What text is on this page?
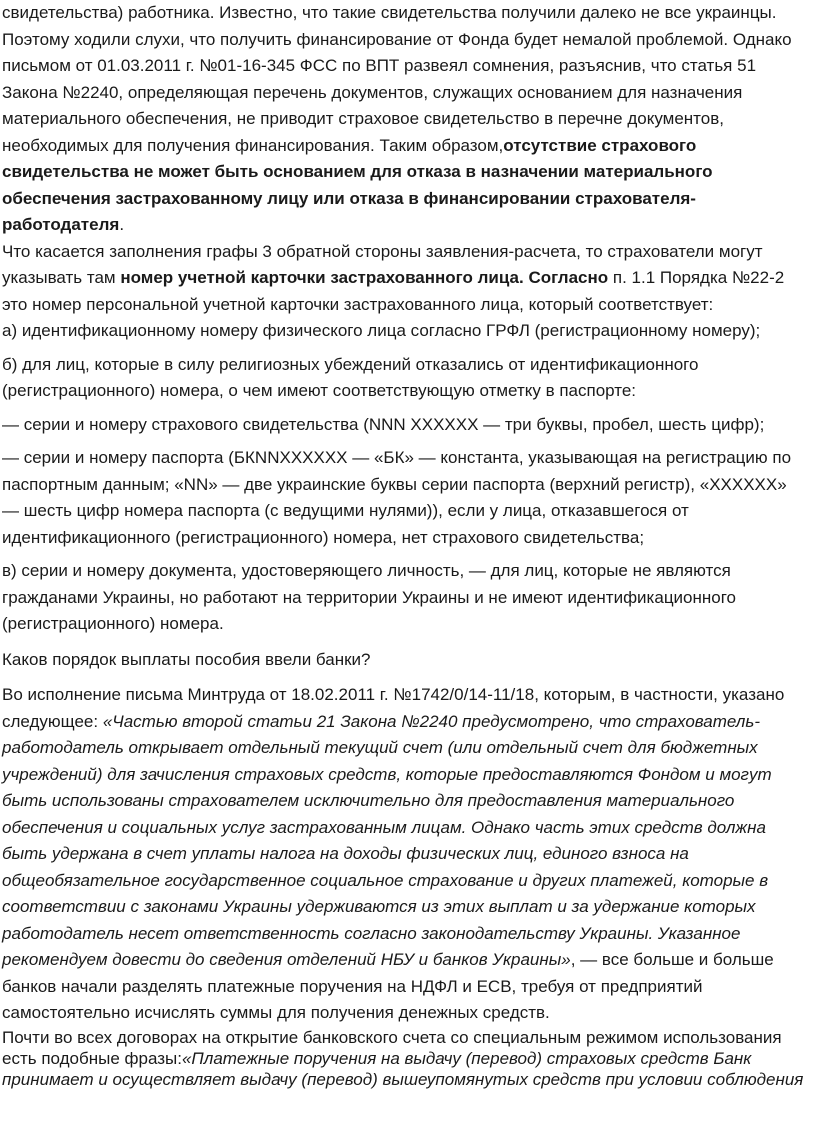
свидетельства) работника. Известно, что такие свидетельства получили далеко не все украинцы.

Поэтому ходили слухи, что получить финансирование от Фонда будет немалой проблемой. Однако

письмом от 01.03.2011 г. №01-16-345 ФСС по ВПТ развеял сомнения, разъяснив, что статья 51

Закона №2240, определяющая перечень документов, служащих основанием для назначения

материального обеспечения, не приводит страховое свидетельство в перечне документов,

необходимых для получения финансирования. Таким образом,отсутствие страхового

свидетельства не может быть основанием для отказа в назначении материального

обеспечения застрахованному лицу или отказа в финансировании страхователя-

работодателя.

Что касается заполнения графы 3 обратной стороны заявления-расчета, то страхователи могут

указывать там номер учетной карточки застрахованного лица. Согласно п. 1.1 Порядка №22-2

это номер персональной учетной карточки застрахованного лица, который соответствует:

а) идентификационному номеру физического лица согласно ГРФЛ (регистрационному номеру);

б) для лиц, которые в силу религиозных убеждений отказались от идентификационного

(регистрационного) номера, о чем имеют соответствующую отметку в паспорте:

— серии и номеру страхового свидетельства (NNN XXXXXX — три буквы, пробел, шесть цифр);

— серии и номеру паспорта (БКNNXXXXXX — «БК» — константа, указывающая на регистрацию по

паспортным данным; «NN» — две украинские буквы серии паспорта (верхний регистр), «XXXXXX»

— шесть цифр номера паспорта (с ведущими нулями)), если у лица, отказавшегося от

идентификационного (регистрационного) номера, нет страхового свидетельства;

в) серии и номеру документа, удостоверяющего личность, — для лиц, которые не являются

гражданами Украины, но работают на территории Украины и не имеют идентификационного

(регистрационного) номера.

Каков порядок выплаты пособия ввели банки?

Во исполнение письма Минтруда от 18.02.2011 г. №1742/0/14-11/18, которым, в частности, указано

следующее: «Частью второй статьи 21 Закона №2240 предусмотрено, что страхователь-

работодатель открывает отдельный текущий счет (или отдельный счет для бюджетных

учреждений) для зачисления страховых средств, которые предоставляются Фондом и могут

быть использованы страхователем исключительно для предоставления материального

обеспечения и социальных услуг застрахованным лицам. Однако часть этих средств должна

быть удержана в счет уплаты налога на доходы физических лиц, единого взноса на

общеобязательное государственное социальное страхование и других платежей, которые в

соответствии с законами Украины удерживаются из этих выплат и за удержание которых

работодатель несет ответственность согласно законодательству Украины. Указанное

рекомендуем довести до сведения отделений НБУ и банков Украины», — все больше и больше

банков начали разделять платежные поручения на НДФЛ и ЕСВ, требуя от предприятий

самостоятельно исчислять суммы для получения денежных средств.

Почти во всех договорах на открытие банковского счета со специальным режимом использования

есть подобные фразы:«Платежные поручения на выдачу (перевод) страховых средств Банк

принимает и осуществляет выдачу (перевод) вышеупомянутых средств при условии соблюдения
